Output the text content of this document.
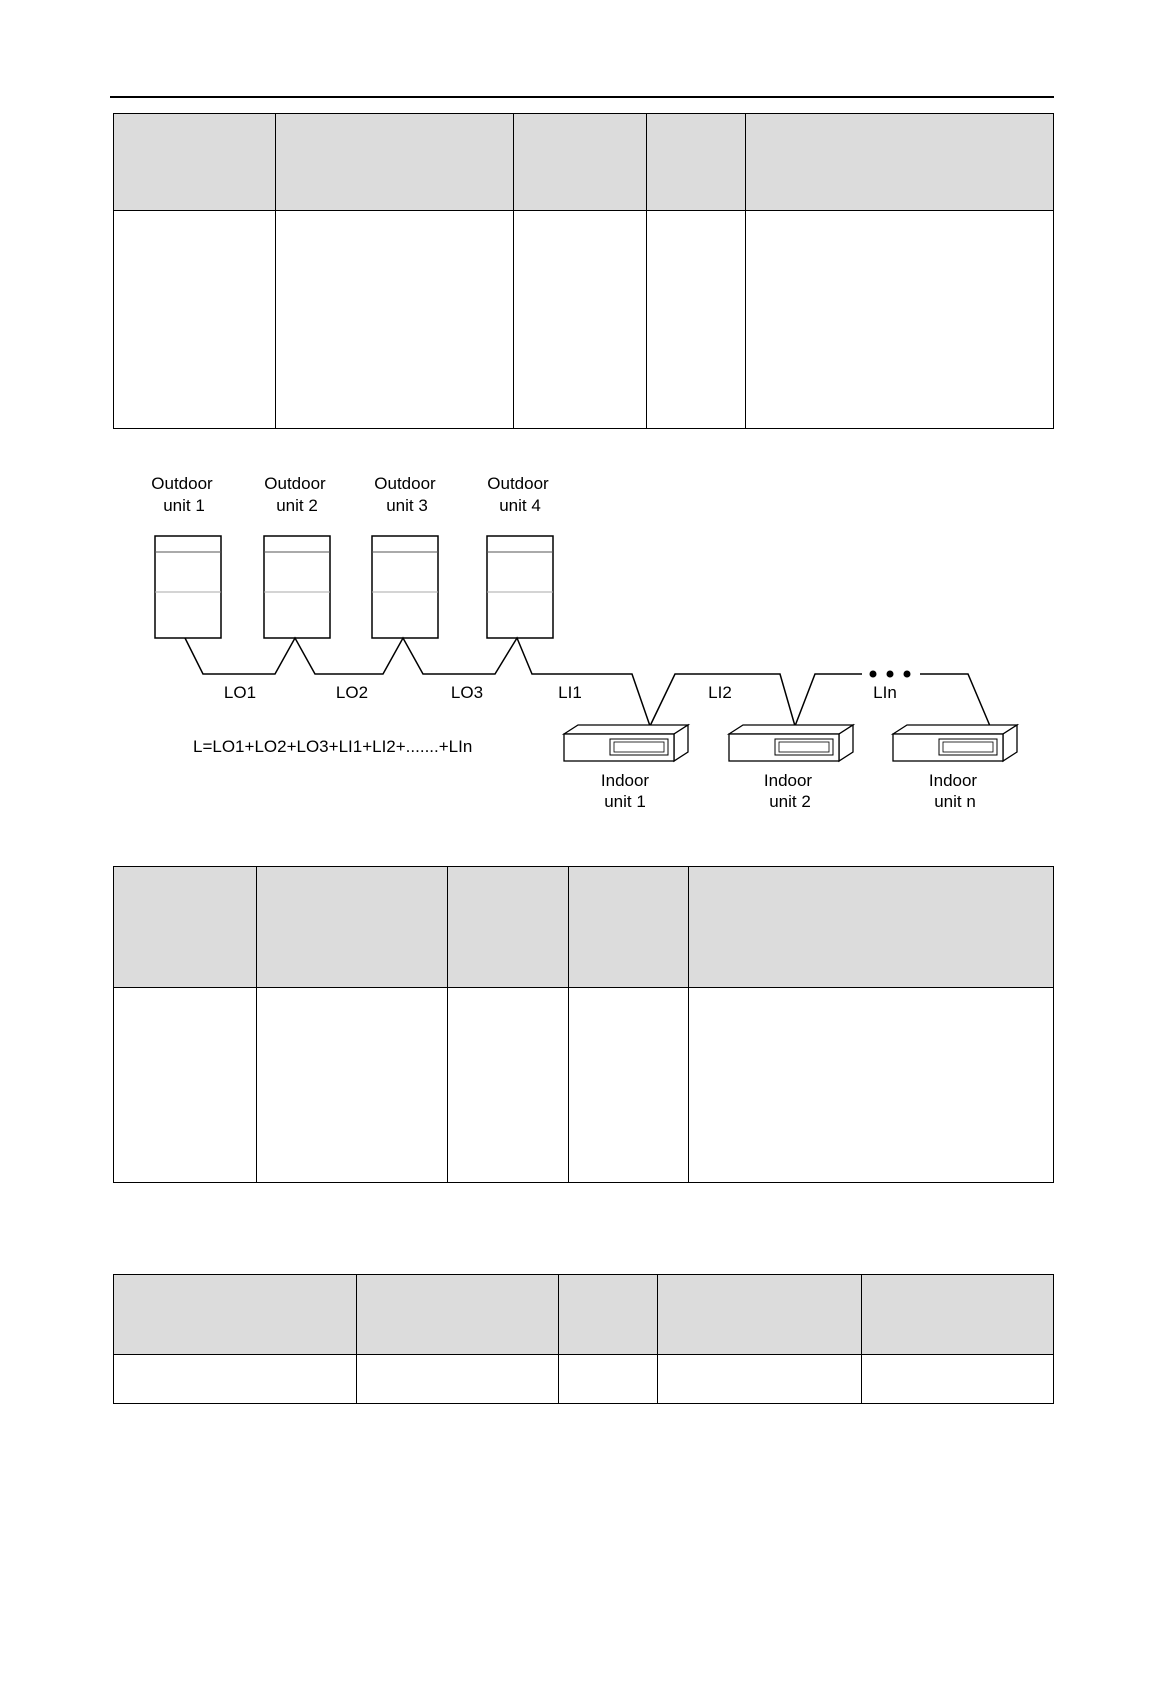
Outdoor
unit 1
Outdoor
unit 2
Outdoor
unit 3
Outdoor
unit 4
LO1	LO2	LO3	LI1	LI2	LIn
L=LO1+LO2+LO3+LI1+LI2+.......+LIn
Indoor
unit 1
Indoor
unit 2
Indoor
unit n
